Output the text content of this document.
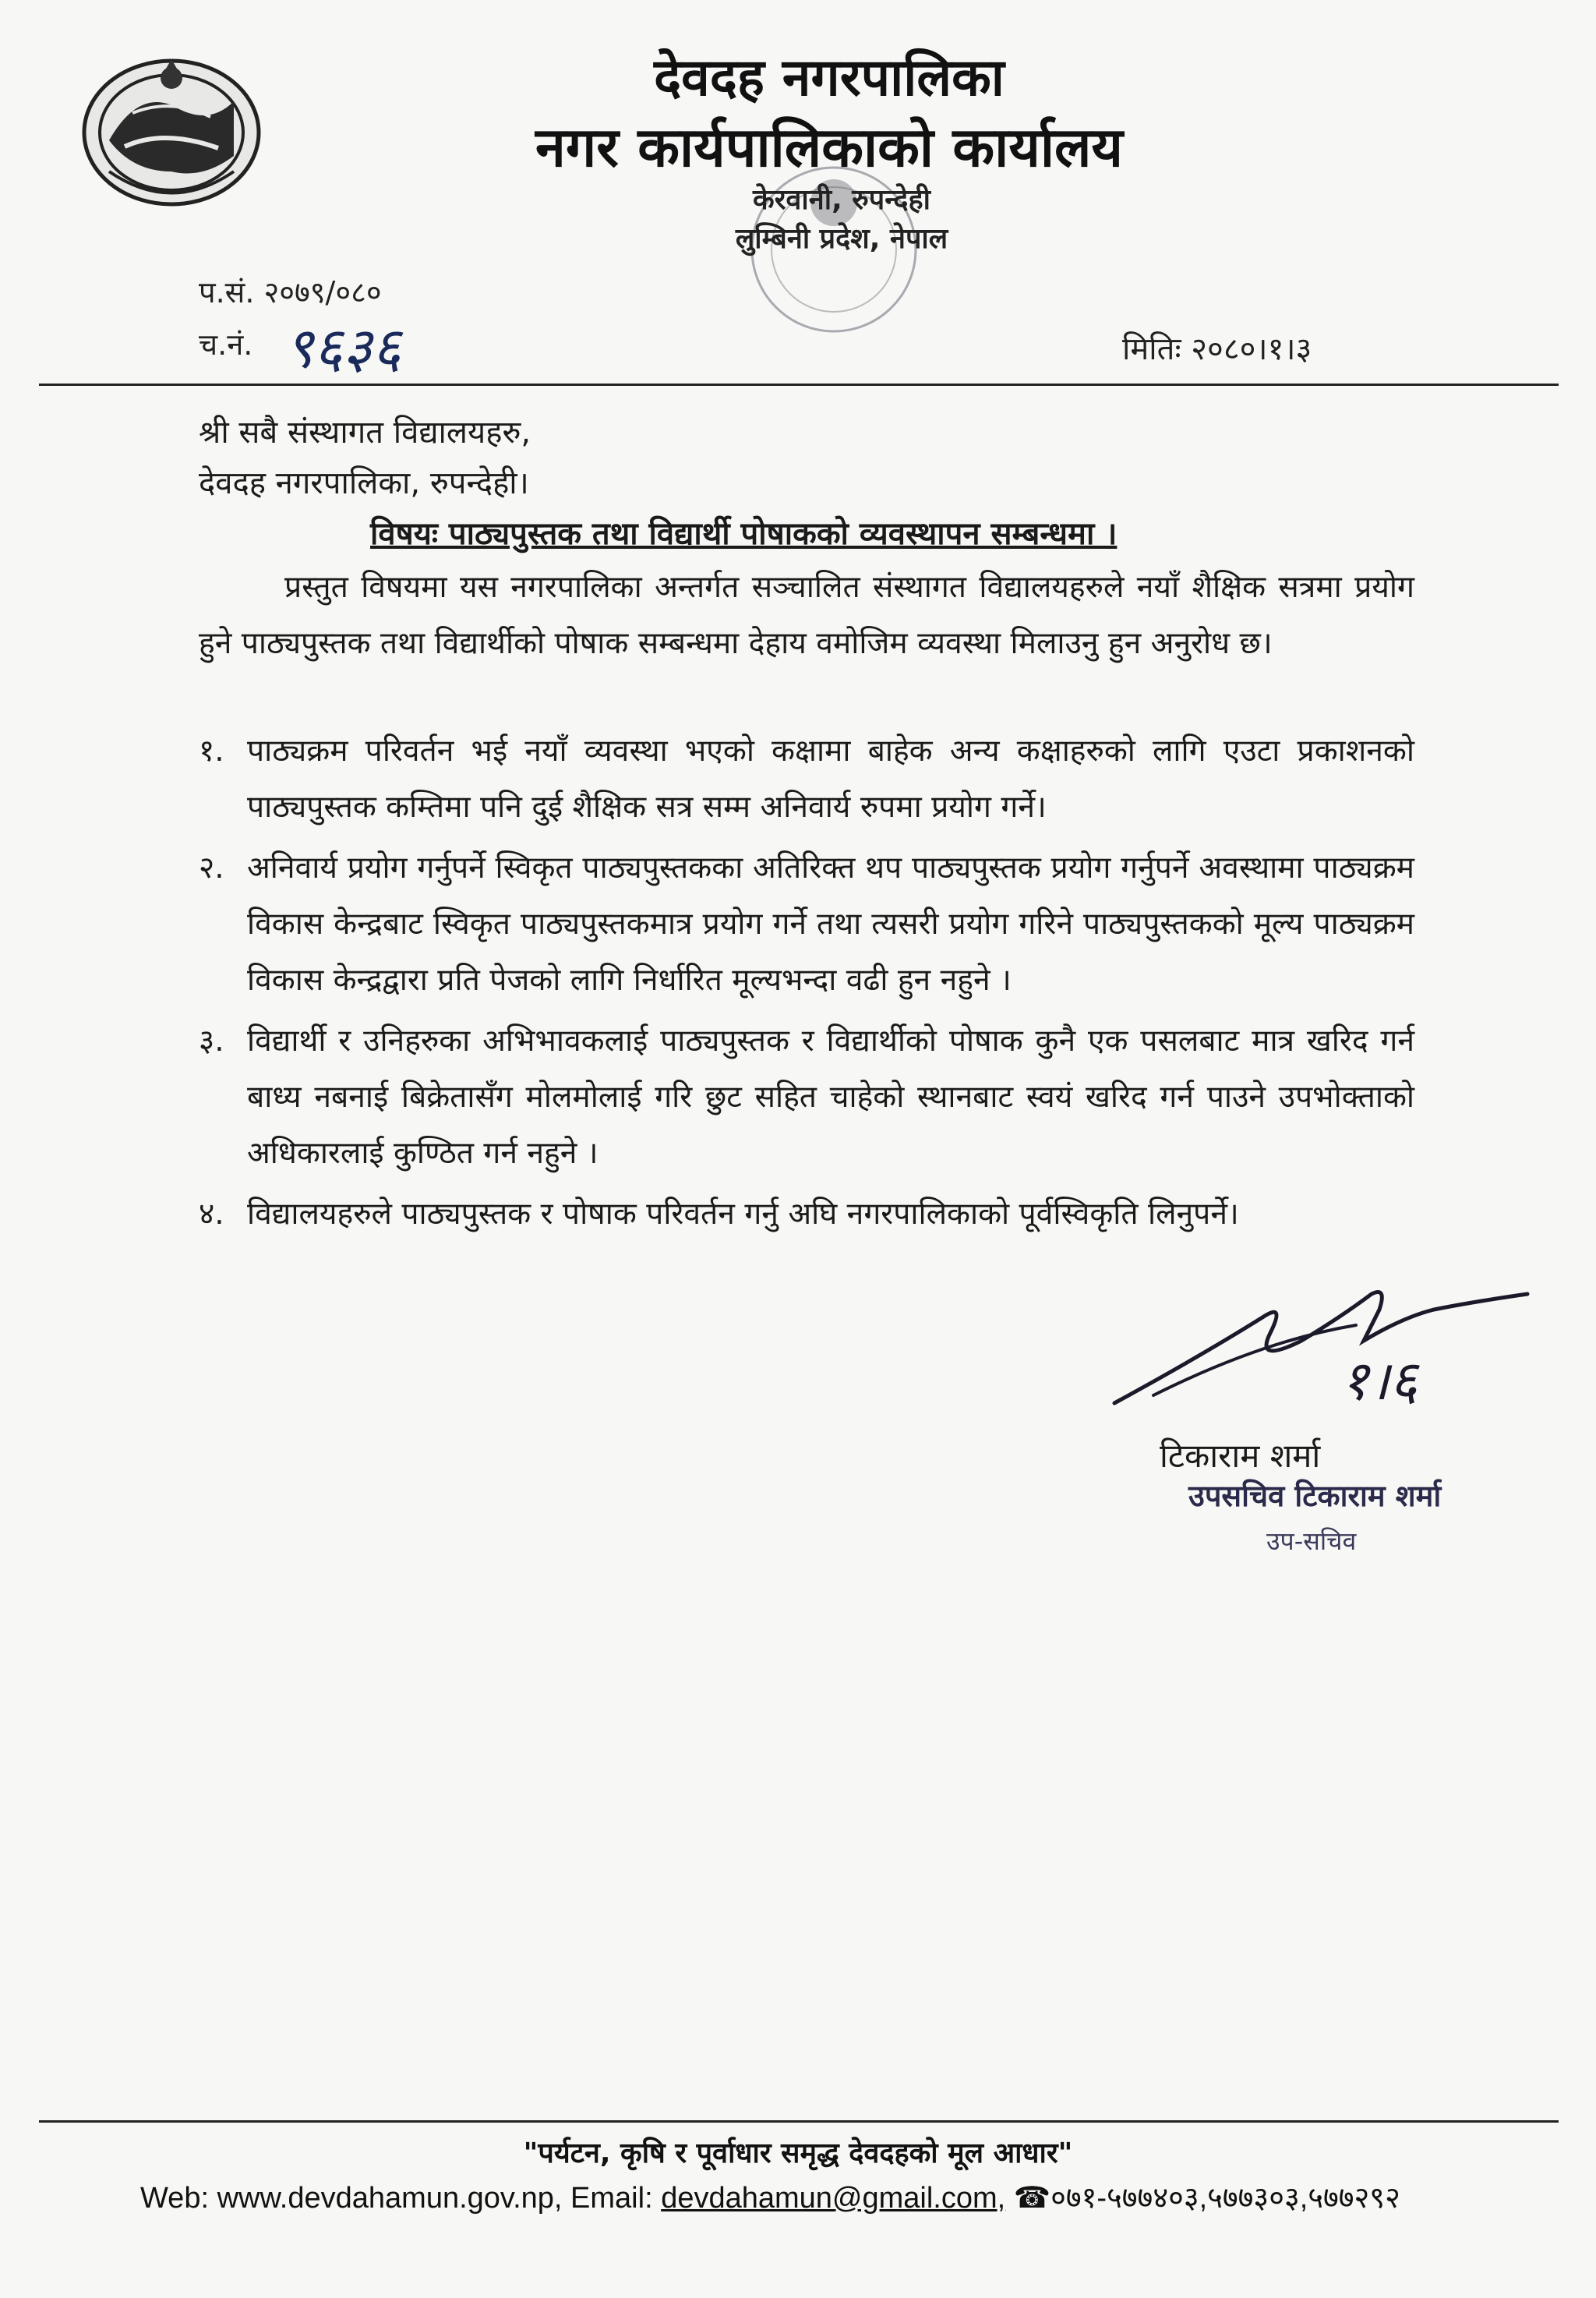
देवदह नगरपालिका
नगर कार्यपालिकाको कार्यालय
केरवानी, रुपन्देही
लुम्बिनी प्रदेश, नेपाल
प.सं. २०७९/०८०
च.नं. ९६३६	मितिः २०८०।१।३
श्री सबै संस्थागत विद्यालयहरु,
देवदह नगरपालिका, रुपन्देही।
विषयः पाठ्यपुस्तक तथा विद्यार्थी पोषाकको व्यवस्थापन सम्बन्धमा ।
प्रस्तुत विषयमा यस नगरपालिका अन्तर्गत सञ्चालित संस्थागत विद्यालयहरुले नयाँ शैक्षिक सत्रमा प्रयोग हुने पाठ्यपुस्तक तथा विद्यार्थीको पोषाक सम्बन्धमा देहाय वमोजिम व्यवस्था मिलाउनु हुन अनुरोध छ।
१. पाठ्यक्रम परिवर्तन भई नयाँ व्यवस्था भएको कक्षामा बाहेक अन्य कक्षाहरुको लागि एउटा प्रकाशनको पाठ्यपुस्तक कम्तिमा पनि दुई शैक्षिक सत्र सम्म अनिवार्य रुपमा प्रयोग गर्ने।
२. अनिवार्य प्रयोग गर्नुपर्ने स्विकृत पाठ्यपुस्तकका अतिरिक्त थप पाठ्यपुस्तक प्रयोग गर्नुपर्ने अवस्थामा पाठ्यक्रम विकास केन्द्रबाट स्विकृत पाठ्यपुस्तकमात्र प्रयोग गर्ने तथा त्यसरी प्रयोग गरिने पाठ्यपुस्तकको मूल्य पाठ्यक्रम विकास केन्द्रद्वारा प्रति पेजको लागि निर्धारित मूल्यभन्दा वढी हुन नहुने ।
३. विद्यार्थी र उनिहरुका अभिभावकलाई पाठ्यपुस्तक र विद्यार्थीको पोषाक कुनै एक पसलबाट मात्र खरिद गर्न बाध्य नबनाई बिक्रेतासँग मोलमोलाई गरि छुट सहित चाहेको स्थानबाट स्वयं खरिद गर्न पाउने उपभोक्ताको अधिकारलाई कुण्ठित गर्न नहुने ।
४. विद्यालयहरुले पाठ्यपुस्तक र पोषाक परिवर्तन गर्नु अघि नगरपालिकाको पूर्वस्विकृति लिनुपर्ने।
१।६
टिकाराम शर्मा
उपसचिव टिकाराम शर्मा
उप-सचिव
"पर्यटन, कृषि र पूर्वाधार समृद्ध देवदहको मूल आधार"
Web: www.devdahamun.gov.np, Email: devdahamun@gmail.com, ☎०७१-५७७४०३,५७७३०३,५७७२९२
